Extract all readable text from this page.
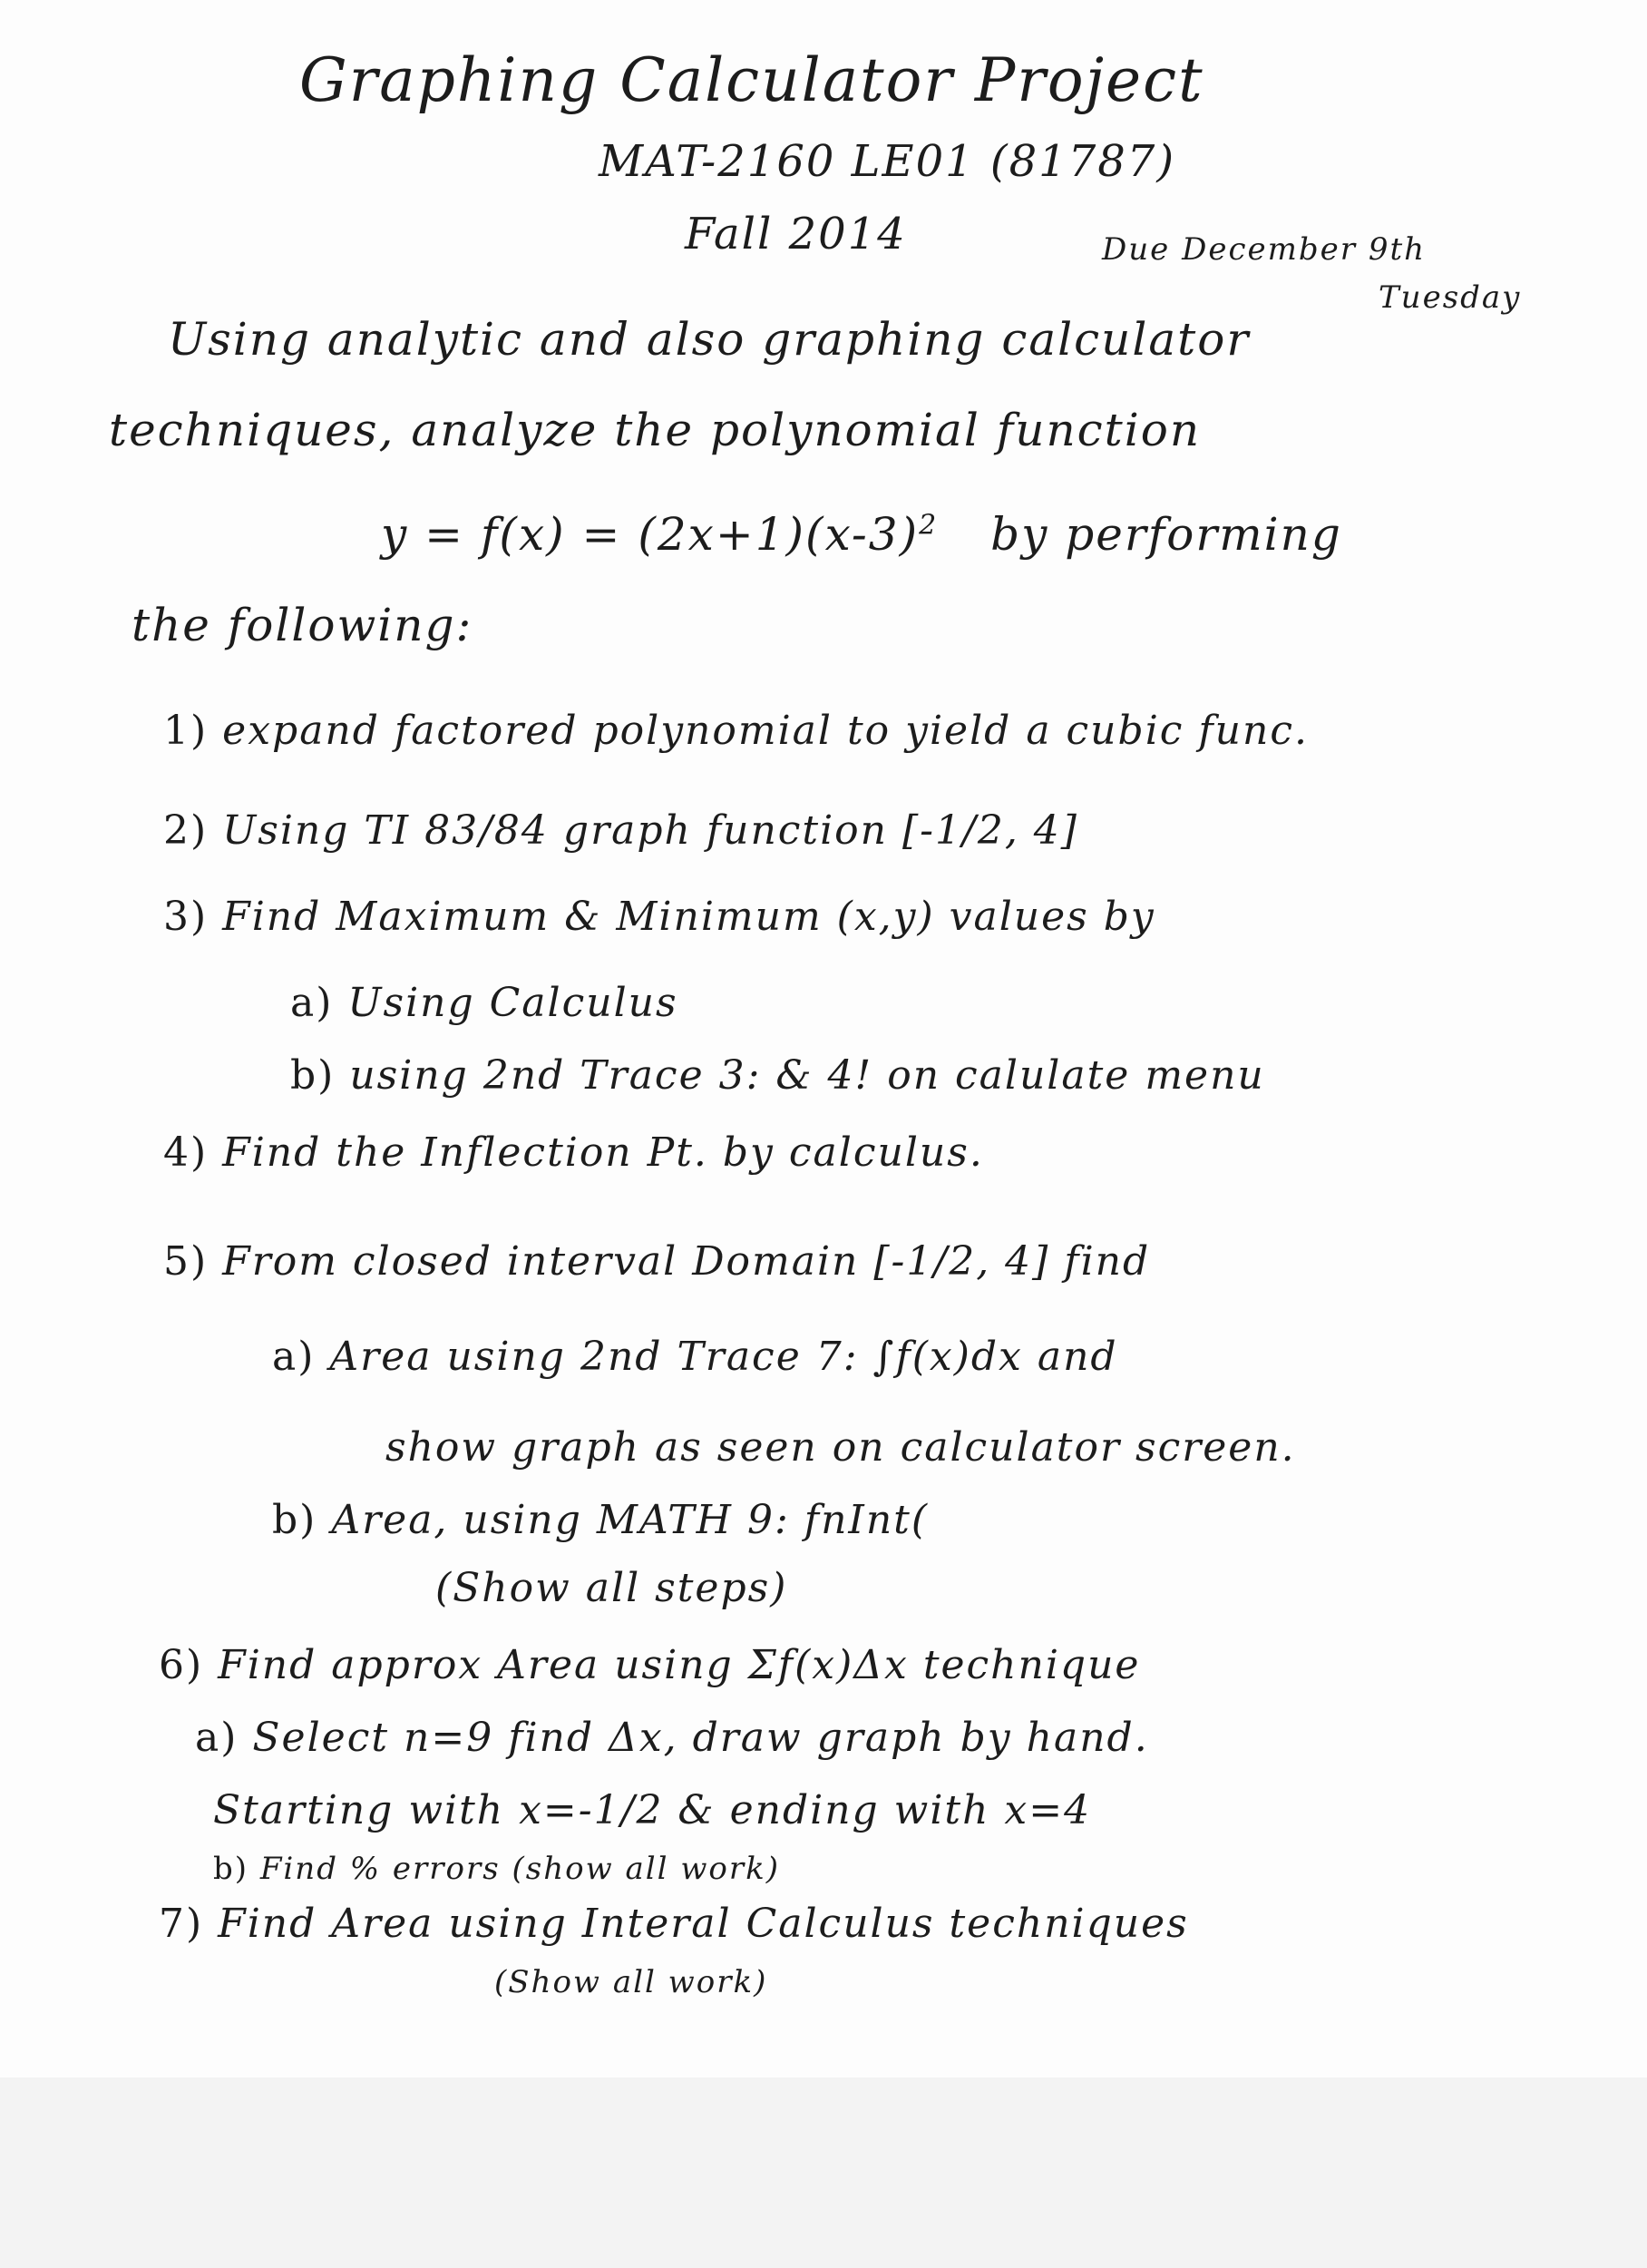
Graphing Calculator Project
MAT-2160 LE01 (81787)
Fall 2014	Due December 9th
Tuesday
Using analytic and also graphing calculator
techniques, analyze the polynomial function
$y = f(x) = (2x+1)(x-3)^2$ by performing
the following:
1) expand factored polynomial to yield a cubic func.
2) Using TI 83/84 graph function [-1/2, 4]
3) Find Maximum & Minimum (x,y) values by
a) Using Calculus
b) using 2nd Trace 3: & 4! on calulate menu
4) Find the Inflection Pt. by calculus.
5) From closed interval Domain [-1/2, 4] find
a) Area using 2nd Trace 7: ∫f(x)dx and
show graph as seen on calculator screen.
b) Area, using MATH 9: fnInt(
(Show all steps)
6) Find approx Area using Σf(x)Δx technique
a) Select n=9 find Δx, draw graph by hand.
Starting with x=-1/2 & ending with x=4
b) Find % errors (show all work)
7) Find Area using Interal Calculus techniques
(Show all work)
